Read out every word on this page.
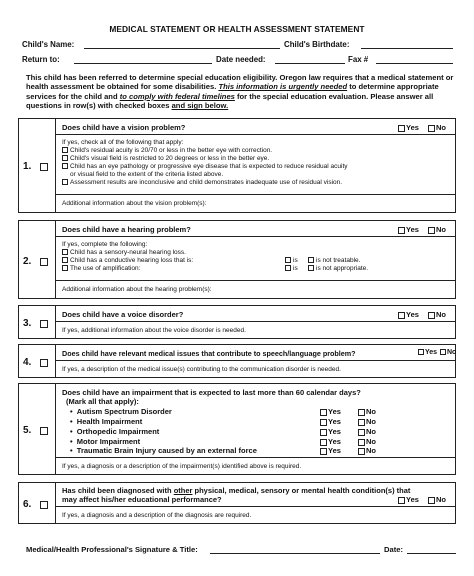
MEDICAL STATEMENT OR HEALTH ASSESSMENT STATEMENT
Child's Name:	Child's Birthdate:
Return to:	Date needed:	Fax #
This child has been referred to determine special education eligibility. Oregon law requires that a medical statement or health assessment be obtained for some disabilities. This information is urgently needed to determine appropriate services for the child and to comply with federal timelines for the special education evaluation. Please answer all questions in row(s) with checked boxes and sign below.
1.
Does child have a vision problem?	Yes	No
If yes, check all of the following that apply:
Child's residual acuity is 20/70 or less in the better eye with correction.
Child's visual field is restricted to 20 degrees or less in the better eye.
Child has an eye pathology or progressive eye disease that is expected to reduce residual acuity
or visual field to the extent of the criteria listed above.
Assessment results are inconclusive and child demonstrates inadequate use of residual vision.
Additional information about the vision problem(s):
2.
Does child have a hearing problem?	Yes	No
If yes, complete the following:
Child has a sensory-neural hearing loss.
Child has a conductive hearing loss that is:
The use of amplification:
is	is not treatable.
is	is not appropriate.
Additional information about the hearing problem(s):
3.
Does child have a voice disorder?	Yes	No
If yes, additional information about the voice disorder is needed.
4.
Does child have relevant medical issues that contribute to speech/language problem?	Yes	No
If yes, a description of the medical issue(s) contributing to the communication disorder is needed.
5.
Does child have an impairment that is expected to last more than 60 calendar days?
(Mark all that apply):
•  Autism Spectrum Disorder	Yes	No
•  Health Impairment	Yes	No
•  Orthopedic Impairment	Yes	No
•  Motor Impairment	Yes	No
•  Traumatic Brain Injury caused by an external force	Yes	No
If yes, a diagnosis or a description of the impairment(s) identified above is required.
6.
Has child been diagnosed with other physical, medical, sensory or mental health condition(s) that
may affect his/her educational performance?	Yes	No
If yes, a diagnosis and a description of the diagnosis are required.
Medical/Health Professional's Signature & Title:	Date:
